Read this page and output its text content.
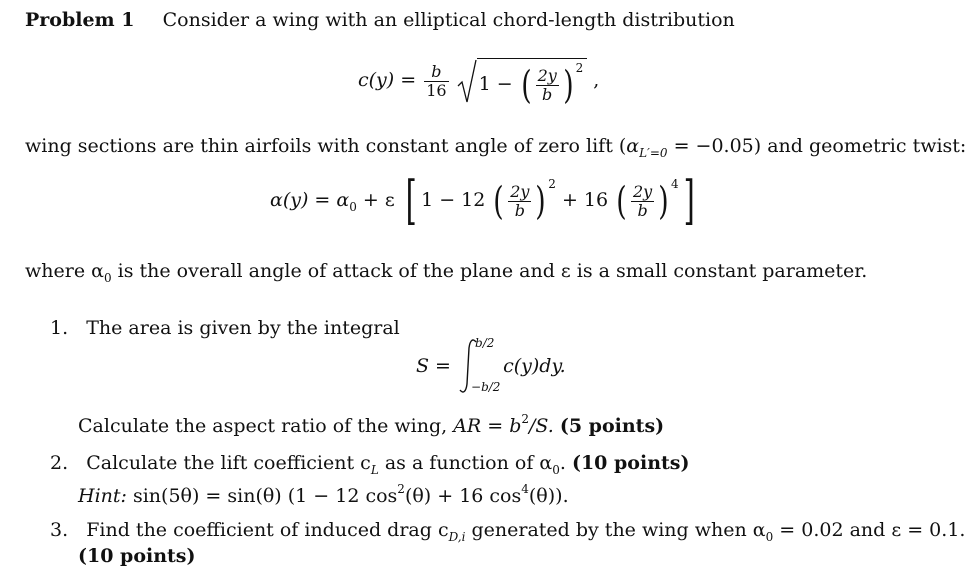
Problem 1 Consider a wing with an elliptical chord-length distribution
$c(y) = \frac{b}{16} 1$ − ( $\frac{2y}{b}$ ) $^2$ ,
wing sections are thin airfoils with constant angle of zero lift $(\alpha_{L'=0} = -0.05)$ and geometric twist:
$\alpha(y) = \alpha_0 + \varepsilon$ [ 1 − 12 ( $\frac{2y}{b}$ ) $^2$ + 16 ( $\frac{2y}{b}$ ) $^4$]
where $\alpha_0$ is the overall angle of attack of the plane and ε is a small constant parameter.
1. The area is given by the integral
S =
b/2
−b/2
c(y)dy.
Calculate the aspect ratio of the wing, AR = $b^2/S$. (5 points)
2. Calculate the lift coefficient $c_L$ as a function of $\alpha_0$. (10 points)
Hint: sin(5θ) = sin(θ) (1 − 12 $\cos^2(\theta) + 16$ $\cos^4(\theta)$).
3. Find the coefficient of induced drag $c_{D,i}$ generated by the wing when $\alpha_0 = 0.02$ and ε = 0.1.
(10 points)
